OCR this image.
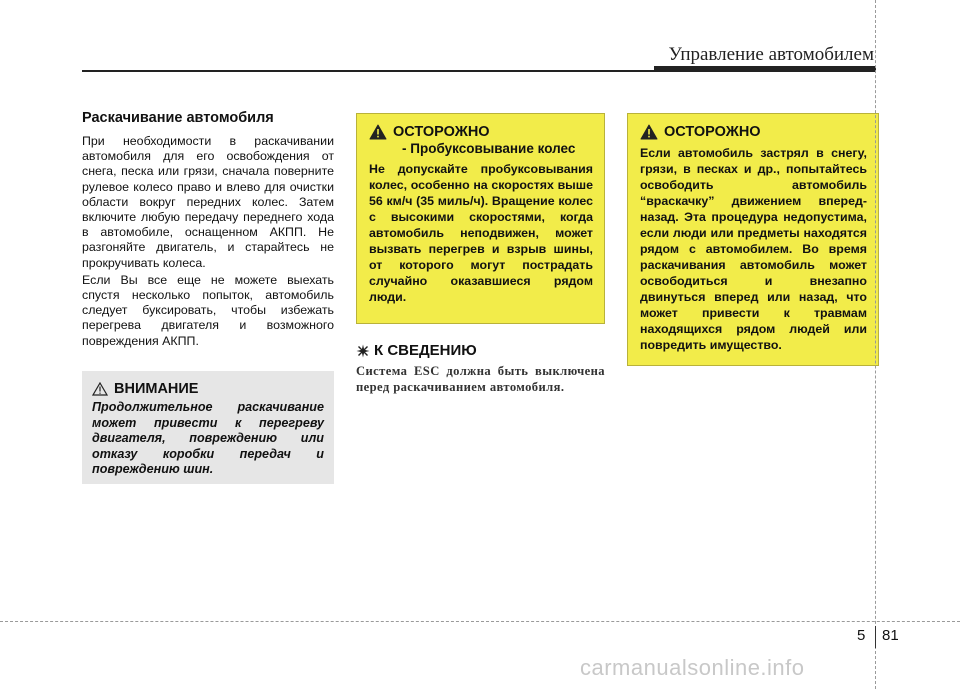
Управление автомобилем
Раскачивание автомобиля

При необходимости в раскачивании автомобиля для его освобождения от снега, песка или грязи, сначала поверните рулевое колесо право и влево для очистки области вокруг передних колес. Затем включите любую передачу переднего хода в автомобиле, оснащенном АКПП. Не разгоняйте двигатель, и старайтесь не прокручивать колеса.

Если Вы все еще не можете выехать спустя несколько попыток, автомобиль следует буксировать, чтобы избежать перегрева двигателя и возможного повреждения АКПП.

ВНИМАНИЕ
Продолжительное раскачивание может привести к перегреву двигателя, повреждению или отказу коробки передач и повреждению шин.
ОСТОРОЖНО
- Пробуксовывание колес
Не допускайте пробуксовывания колес, особенно на скоростях выше 56 км/ч (35 миль/ч). Вращение колес с высокими скоростями, когда автомобиль неподвижен, может вызвать перегрев и взрыв шины, от которого могут пострадать случайно оказавшиеся рядом люди.
К СВЕДЕНИЮ
Система ESC должна быть выключена перед раскачиванием автомобиля.
ОСТОРОЖНО
Если автомобиль застрял в снегу, грязи, в песках и др., попытайтесь освободить автомобиль “враскачку” движением вперед-назад. Эта процедура недопустима, если люди или предметы находятся рядом с автомобилем. Во время раскачивания автомобиль может освободиться и внезапно двинуться вперед или назад, что может привести к травмам находящихся рядом людей или повредить имущество.
5 81
carmanualsonline.info
